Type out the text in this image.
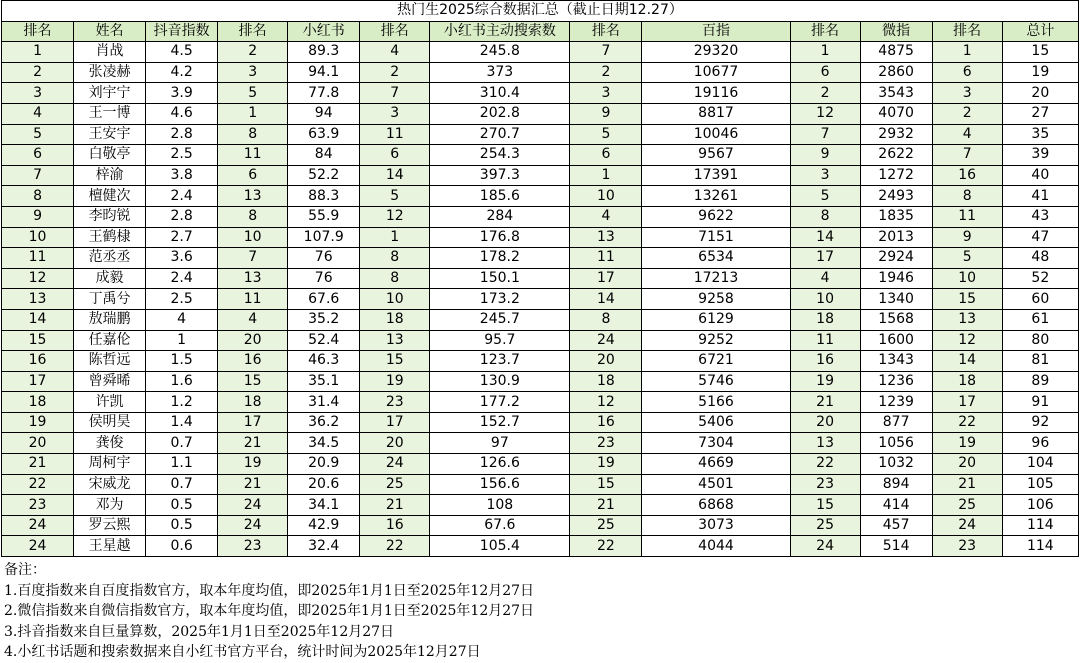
热门生2025综合数据汇总（截止日期12.27）												
排名	姓名	抖音指数	排名	小红书	排名	小红书主动搜索数	排名	百指	排名	微指	排名	总计
1	肖战	4.5	2	89.3	4	245.8	7	29320	1	4875	1	15
2	张凌赫	4.2	3	94.1	2	373	2	10677	6	2860	6	19
3	刘宇宁	3.9	5	77.8	7	310.4	3	19116	2	3543	3	20
4	王一博	4.6	1	94	3	202.8	9	8817	12	4070	2	27
5	王安宇	2.8	8	63.9	11	270.7	5	10046	7	2932	4	35
6	白敬亭	2.5	11	84	6	254.3	6	9567	9	2622	7	39
7	梓渝	3.8	6	52.2	14	397.3	1	17391	3	1272	16	40
8	檀健次	2.4	13	88.3	5	185.6	10	13261	5	2493	8	41
9	李昀锐	2.8	8	55.9	12	284	4	9622	8	1835	11	43
10	王鹤棣	2.7	10	107.9	1	176.8	13	7151	14	2013	9	47
11	范丞丞	3.6	7	76	8	178.2	11	6534	17	2924	5	48
12	成毅	2.4	13	76	8	150.1	17	17213	4	1946	10	52
13	丁禹兮	2.5	11	67.6	10	173.2	14	9258	10	1340	15	60
14	敖瑞鹏	4	4	35.2	18	245.7	8	6129	18	1568	13	61
15	任嘉伦	1	20	52.4	13	95.7	24	9252	11	1600	12	80
16	陈哲远	1.5	16	46.3	15	123.7	20	6721	16	1343	14	81
17	曾舜晞	1.6	15	35.1	19	130.9	18	5746	19	1236	18	89
18	许凯	1.2	18	31.4	23	177.2	12	5166	21	1239	17	91
19	侯明昊	1.4	17	36.2	17	152.7	16	5406	20	877	22	92
20	龚俊	0.7	21	34.5	20	97	23	7304	13	1056	19	96
21	周柯宇	1.1	19	20.9	24	126.6	19	4669	22	1032	20	104
22	宋威龙	0.7	21	20.6	25	156.6	15	4501	23	894	21	105
23	邓为	0.5	24	34.1	21	108	21	6868	15	414	25	106
24	罗云熙	0.5	24	42.9	16	67.6	25	3073	25	457	24	114
24	王星越	0.6	23	32.4	22	105.4	22	4044	24	514	23	114
备注：
1.百度指数来自百度指数官方，取本年度均值，即2025年1月1日至2025年12月27日
2.微信指数来自微信指数官方，取本年度均值，即2025年1月1日至2025年12月27日
3.抖音指数来自巨量算数，2025年1月1日至2025年12月27日
4.小红书话题和搜索数据来自小红书官方平台，统计时间为2025年12月27日
